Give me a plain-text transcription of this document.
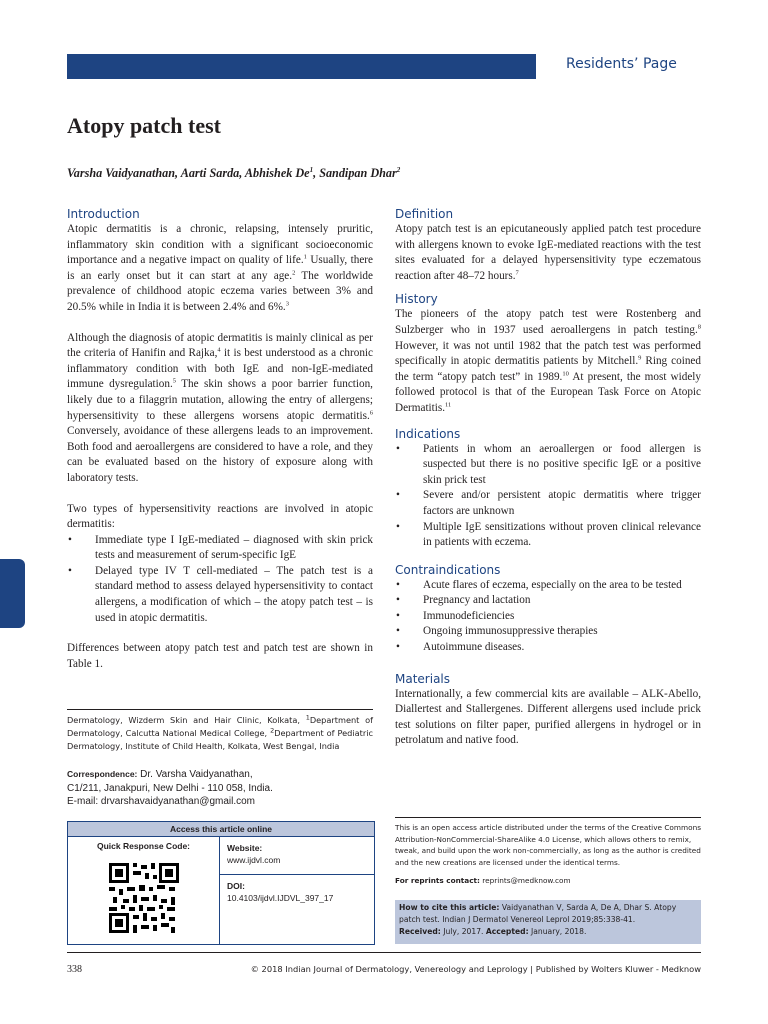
Residents’ Page
Atopy patch test
Varsha Vaidyanathan, Aarti Sarda, Abhishek De$^1$, Sandipan Dhar$^2$
Introduction

Atopic dermatitis is a chronic, relapsing, intensely pruritic, inflammatory skin condition with a significant socioeconomic importance and a negative impact on quality of life.$^1$ Usually, there is an early onset but it can start at any age.$^2$ The worldwide prevalence of childhood atopic eczema varies between 3% and 20.5% while in India it is between 2.4% and 6%.$^3$

Although the diagnosis of atopic dermatitis is mainly clinical as per the criteria of Hanifin and Rajka,$^4$ it is best understood as a chronic inflammatory condition with both IgE and non-IgE-mediated immune dysregulation.$^5$ The skin shows a poor barrier function, likely due to a filaggrin mutation, allowing the entry of allergens; hypersensitivity to these allergens worsens atopic dermatitis.$^6$ Conversely, avoidance of these allergens leads to an improvement. Both food and aeroallergens are considered to have a role, and they can be evaluated based on the history of exposure along with laboratory tests.

Two types of hypersensitivity reactions are involved in atopic dermatitis:

• Immediate type I IgE-mediated – diagnosed with skin prick tests and measurement of serum-specific IgE
• Delayed type IV T cell-mediated – The patch test is a standard method to assess delayed hypersensitivity to contact allergens, a modification of which – the atopy patch test – is used in atopic dermatitis.

Differences between atopy patch test and patch test are shown in Table 1.

Dermatology, Wizderm Skin and Hair Clinic, Kolkata, $^1$Department of Dermatology, Calcutta National Medical College, $^2$Department of Pediatric Dermatology, Institute of Child Health, Kolkata, West Bengal, India
Correspondence: Dr. Varsha Vaidyanathan,
C1/211, Janakpuri, New Delhi - 110 058, India.
E-mail: drvarshavaidyanathan@gmail.com
Access this article online
Quick Response Code:	Website:
www.ijdvl.com
DOI:
10.4103/ijdvl.IJDVL_397_17
Definition

Atopy patch test is an epicutaneously applied patch test procedure with allergens known to evoke IgE-mediated reactions with the test sites evaluated for a delayed hypersensitivity type eczematous reaction after 48–72 hours.$^7$

History

The pioneers of the atopy patch test were Rostenberg and Sulzberger who in 1937 used aeroallergens in patch testing.$^8$ However, it was not until 1982 that the patch test was performed specifically in atopic dermatitis patients by Mitchell.$^9$ Ring coined the term “atopy patch test” in 1989.10 At present, the most widely followed protocol is that of the European Task Force on Atopic Dermatitis.$^{11}$

Indications
• Patients in whom an aeroallergen or food allergen is suspected but there is no positive specific IgE or a positive skin prick test
• Severe and/or persistent atopic dermatitis where trigger factors are unknown
• Multiple IgE sensitizations without proven clinical relevance in patients with eczema.
Contraindications
• Acute flares of eczema, especially on the area to be tested
• Pregnancy and lactation
• Immunodeficiencies
• Ongoing immunosuppressive therapies
• Autoimmune diseases.
Materials

Internationally, a few commercial kits are available – ALK-Abello, Diallertest and Stallergenes. Different allergens used include prick test solutions on filter paper, purified allergens in hydrogel or in petrolatum and native food.

This is an open access article distributed under the terms of the Creative Commons Attribution-NonCommercial-ShareAlike 4.0 License, which allows others to remix, tweak, and build upon the work non-commercially, as long as the author is credited and the new creations are licensed under the identical terms.
For reprints contact: reprints@medknow.com
How to cite this article: Vaidyanathan V, Sarda A, De A, Dhar S. Atopy patch test. Indian J Dermatol Venereol Leprol 2019;85:338-41.
Received: July, 2017. Accepted: January, 2018.
338	© 2018 Indian Journal of Dermatology, Venereology and Leprology | Published by Wolters Kluwer - Medknow
